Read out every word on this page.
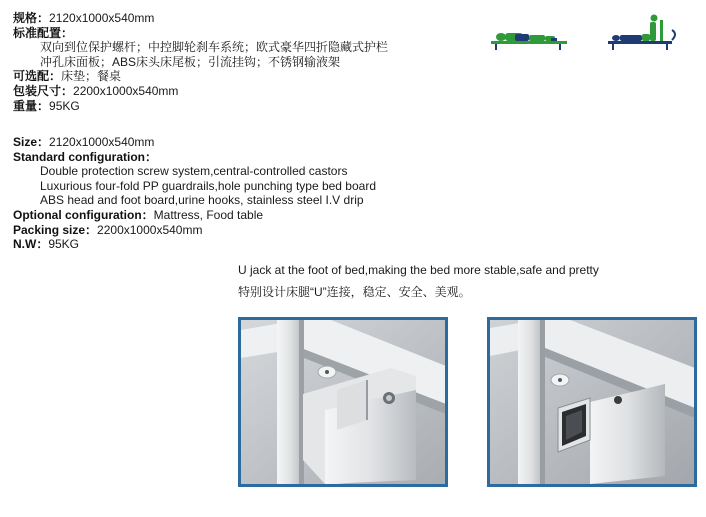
规格：2120x1000x540mm
标准配置：
双向到位保护螺杆；中控脚轮刹车系统；欧式豪华四折隐藏式护栏
冲孔床面板；ABS床头床尾板；引流挂钩；不锈钢输液架
可选配：床垫；餐桌
包装尺寸：2200x1000x540mm
重量：95KG
Size：2120x1000x540mm
Standard configuration：
Double protection screw system,central-controlled castors
Luxurious four-fold PP guardrails,hole punching type bed board
ABS head and foot board,urine hooks, stainless steel I.V drip
Optional configuration：Mattress, Food table
Packing size：2200x1000x540mm
N.W：95KG
U jack at the foot of bed,making the bed more stable,safe and pretty
特别设计床腿“U”连接，稳定、安全、美观。
